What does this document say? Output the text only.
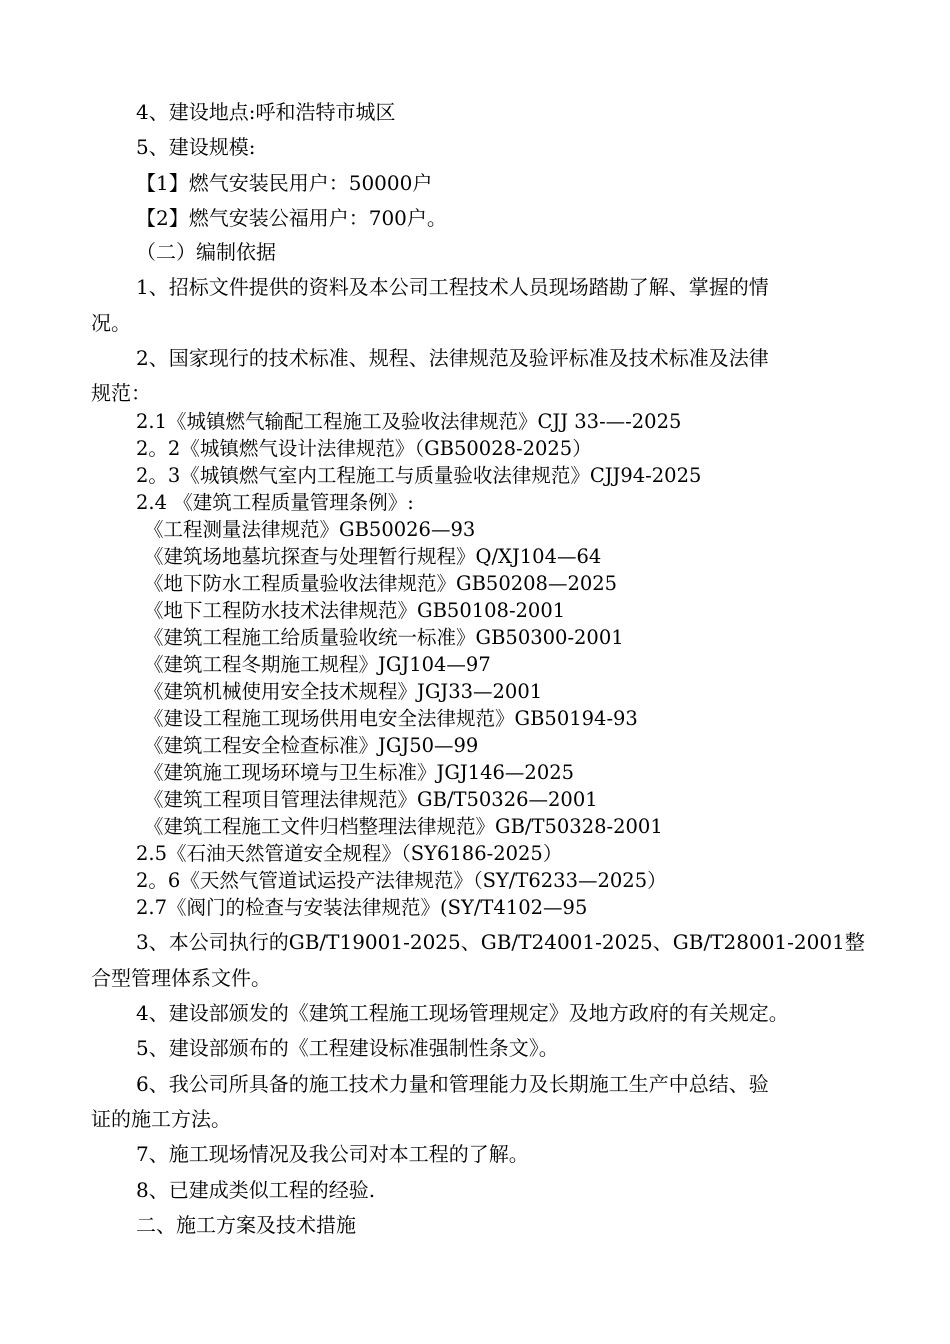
4、建设地点:呼和浩特市城区
5、建设规模:
【1】燃气安装民用户：50000户
【2】燃气安装公福用户：700户。
（二）编制依据
1、招标文件提供的资料及本公司工程技术人员现场踏勘了解、掌握的情
况。
2、国家现行的技术标准、规程、法律规范及验评标准及技术标准及法律
规范：
2.1《城镇燃气输配工程施工及验收法律规范》CJJ 33-—-2025
2。2《城镇燃气设计法律规范》（GB50028-2025）
2。3《城镇燃气室内工程施工与质量验收法律规范》CJJ94-2025
2.4 《建筑工程质量管理条例》:
《工程测量法律规范》GB50026—93
《建筑场地墓坑探查与处理暂行规程》Q/XJ104—64
《地下防水工程质量验收法律规范》GB50208—2025
《地下工程防水技术法律规范》GB50108-2001
《建筑工程施工给质量验收统一标准》GB50300-2001
《建筑工程冬期施工规程》JGJ104—97
《建筑机械使用安全技术规程》JGJ33—2001
《建设工程施工现场供用电安全法律规范》GB50194-93
《建筑工程安全检查标准》JGJ50—99
《建筑施工现场环境与卫生标准》JGJ146—2025
《建筑工程项目管理法律规范》GB/T50326—2001
《建筑工程施工文件归档整理法律规范》GB/T50328-2001
2.5《石油天然管道安全规程》（SY6186-2025）
2。6《天然气管道试运投产法律规范》（SY/T6233—2025）
2.7《阀门的检查与安装法律规范》(SY/T4102—95
3、本公司执行的GB/T19001-2025、GB/T24001-2025、GB/T28001-2001整
合型管理体系文件。
4、建设部颁发的《建筑工程施工现场管理规定》及地方政府的有关规定。
5、建设部颁布的《工程建设标准强制性条文》。
6、我公司所具备的施工技术力量和管理能力及长期施工生产中总结、验
证的施工方法。
7、施工现场情况及我公司对本工程的了解。
8、已建成类似工程的经验.
二、施工方案及技术措施
